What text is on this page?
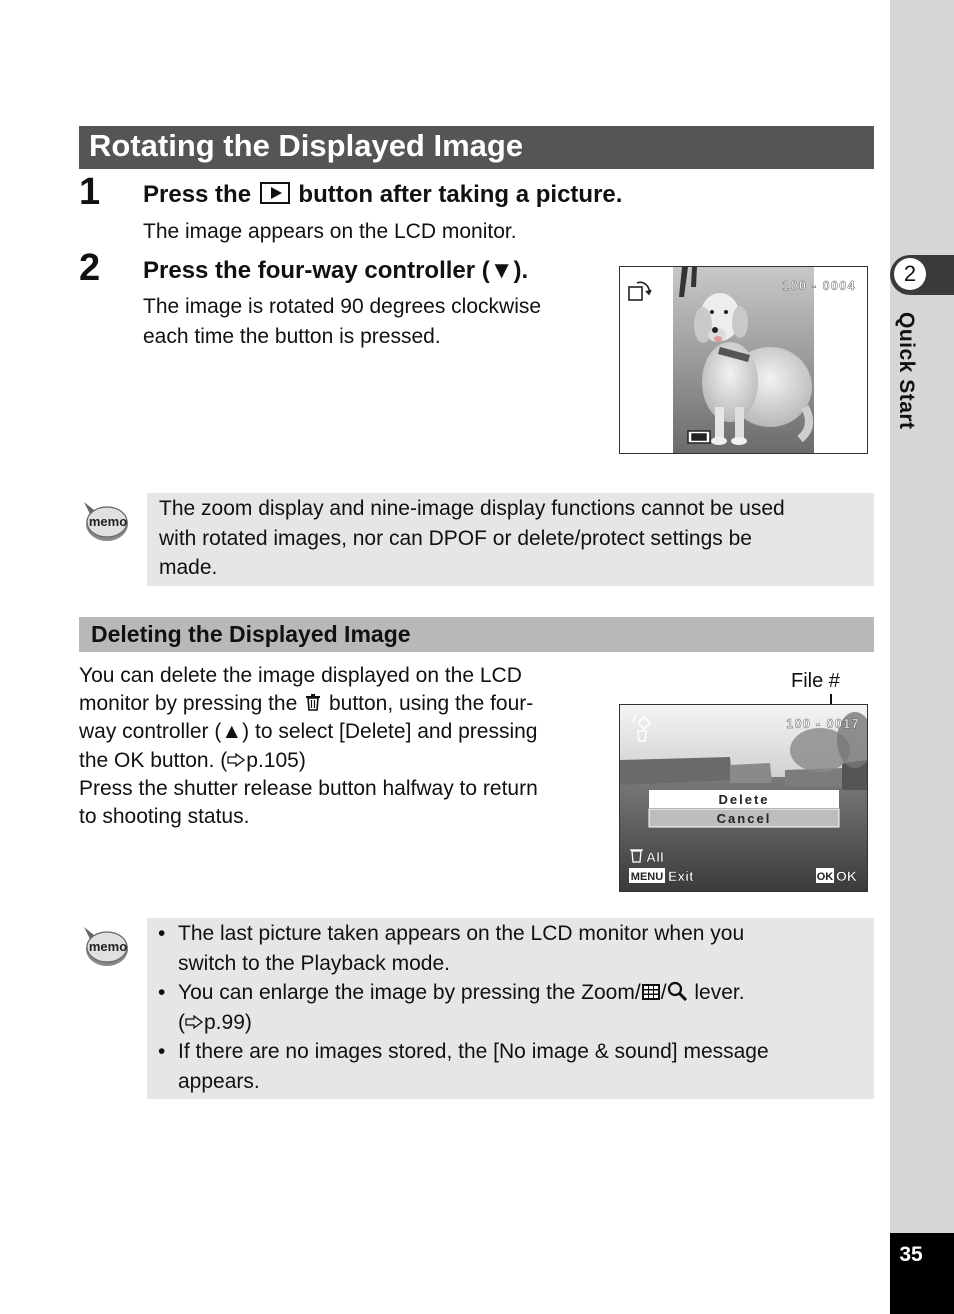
2
Quick Start
35
Rotating the Displayed Image
1 Press the button after taking a picture.
The image appears on the LCD monitor.
2 Press the four-way controller (▼).
The image is rotated 90 degrees clockwise
each time the button is pressed.
100 - 0004
memo
The zoom display and nine-image display functions cannot be used
with rotated images, nor can DPOF or delete/protect settings be
made.
Deleting the Displayed Image
You can delete the image displayed on the LCD
monitor by pressing the button, using the four-
way controller (▲) to select [Delete] and pressing
the OK button. ( p.105)
Press the shutter release button halfway to return
to shooting status.
File #
Delete
Cancel
100 - 0017
All
MENU Exit	OK OK
memo
• The last picture taken appears on the LCD monitor when you
switch to the Playback mode.
• You can enlarge the image by pressing the Zoom/ / lever.
( p.99)
• If there are no images stored, the [No image & sound] message
appears.
